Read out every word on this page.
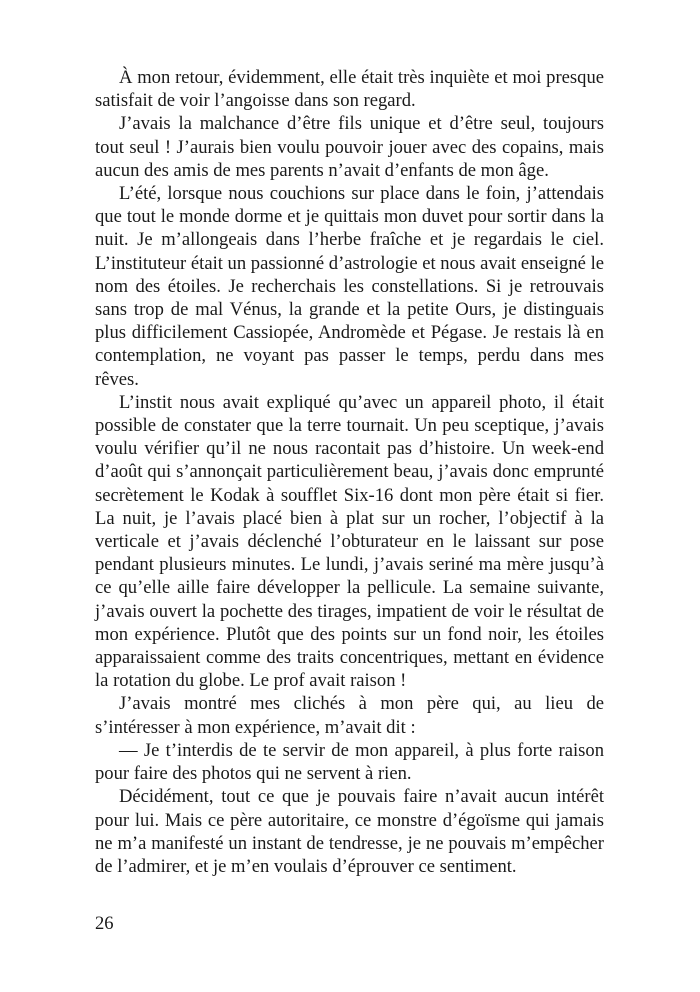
À mon retour, évidemment, elle était très inquiète et moi presque satisfait de voir l’angoisse dans son regard.

J’avais la malchance d’être fils unique et d’être seul, toujours tout seul ! J’aurais bien voulu pouvoir jouer avec des copains, mais aucun des amis de mes parents n’avait d’enfants de mon âge.

L’été, lorsque nous couchions sur place dans le foin, j’attendais que tout le monde dorme et je quittais mon duvet pour sortir dans la nuit. Je m’allongeais dans l’herbe fraîche et je regardais le ciel. L’instituteur était un passionné d’astrologie et nous avait enseigné le nom des étoiles. Je recherchais les constellations. Si je retrouvais sans trop de mal Vénus, la grande et la petite Ours, je distinguais plus difficilement Cassiopée, Andromède et Pégase. Je restais là en contemplation, ne voyant pas passer le temps, perdu dans mes rêves.

L’instit nous avait expliqué qu’avec un appareil photo, il était possible de constater que la terre tournait. Un peu sceptique, j’avais voulu vérifier qu’il ne nous racontait pas d’histoire. Un week-end d’août qui s’annonçait particulièrement beau, j’avais donc emprunté secrètement le Kodak à soufflet Six-16 dont mon père était si fier. La nuit, je l’avais placé bien à plat sur un rocher, l’objectif à la verticale et j’avais déclenché l’obturateur en le laissant sur pose pendant plusieurs minutes. Le lundi, j’avais seriné ma mère jusqu’à ce qu’elle aille faire développer la pellicule. La semaine suivante, j’avais ouvert la pochette des tirages, impatient de voir le résultat de mon expérience. Plutôt que des points sur un fond noir, les étoiles apparaissaient comme des traits concentriques, mettant en évidence la rotation du globe. Le prof avait raison !

J’avais montré mes clichés à mon père qui, au lieu de s’intéresser à mon expérience, m’avait dit :

— Je t’interdis de te servir de mon appareil, à plus forte raison pour faire des photos qui ne servent à rien.

Décidément, tout ce que je pouvais faire n’avait aucun intérêt pour lui. Mais ce père autoritaire, ce monstre d’égoïsme qui jamais ne m’a manifesté un instant de tendresse, je ne pouvais m’empêcher de l’admirer, et je m’en voulais d’éprouver ce sentiment.

26
